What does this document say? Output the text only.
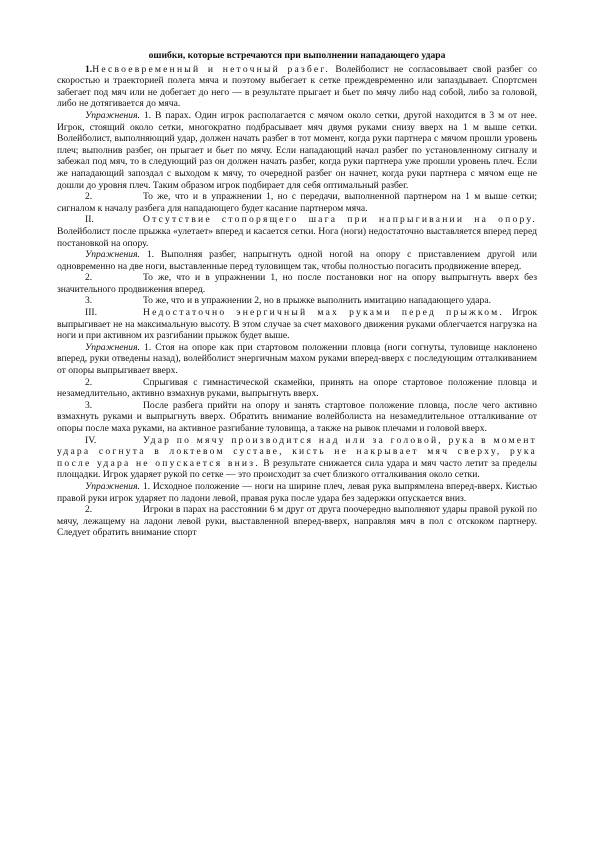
ошибки, которые встречаются при выполнении нападающего удара

1.Несвоевременный и неточный разбег. Волейболист не согласовывает свой разбег со скоростью и траекторией полета мяча и поэтому выбегает к сетке преждевременно или запаздывает. Спортсмен забегает под мяч или не добегает до него — в результате прыгает и бьет по мячу либо над собой, либо за головой, либо не дотягивается до мяча.

Упражнения. 1. В парах. Один игрок располагается с мячом около сетки, другой находится в 3 м от нее. Игрок, стоящий около сетки, многократно подбрасывает мяч двумя руками снизу вверх на 1 м выше сетки. Волейболист, выполняющий удар, должен начать разбег в тот момент, когда руки партнера с мячом прошли уровень плеч; выполнив разбег, он прыгает и бьет по мячу. Если нападающий начал разбег по установленному сигналу и забежал под мяч, то в следующий раз он должен начать разбег, когда руки партнера уже прошли уровень плеч. Если же нападающий запоздал с выходом к мячу, то очередной разбег он начнет, когда руки партнера с мячом еще не дошли до уровня плеч. Таким образом игрок подбирает для себя оптимальный разбег.

2.	То же, что и в упражнении 1, но с передачи, выполненной партнером на 1 м выше сетки; сигналом к началу разбега для нападающего будет касание партнером мяча.

II.	Отсутствие стопорящего шага при напрыгивании на опору. Волейболист после прыжка «улетает» вперед и касается сетки. Нога (ноги) недостаточно выставляется вперед перед постановкой на опору.

Упражнения. 1. Выполняя разбег, напрыгнуть одной ногой на опору с приставлением другой или одновременно на две ноги, выставленные перед туловищем так, чтобы полностью погасить продвижение вперед.

2.	То же, что и в упражнении 1, но после постановки ног на опору выпрыгнуть вверх без значительного продвижения вперед.

3.	То же, что и в упражнении 2, но в прыжке выполнить имитацию нападающего удара.

III.	Недостаточно энергичный мах руками перед прыжком. Игрок выпрыгивает не на максимальную высоту. В этом случае за счет махового движения руками облегчается нагрузка на ноги и при активном их разгибании прыжок будет выше.

Упражнения. 1. Стоя на опоре как при стартовом положении пловца (ноги согнуты, туловище наклонено вперед, руки отведены назад), волейболист энергичным махом руками вперед-вверх с последующим отталкиванием от опоры выпрыгивает вверх.

2.	Спрыгивая с гимнастической скамейки, принять на опоре стартовое положение пловца и незамедлительно, активно взмахнув руками, выпрыгнуть вверх.

3.	После разбега прийти на опору и занять стартовое положение пловца, после чего активно взмахнуть руками и выпрыгнуть вверх. Обратить внимание волейболиста на незамедлительное отталкивание от опоры после маха руками, на активное разгибание туловища, а также на рывок плечами и головой вверх.

IV.	Удар по мячу производится над или за головой, рука в момент удара согнута в локтевом суставе, кисть не накрывает мяч сверху, рука после удара не опускается вниз. В результате снижается сила удара и мяч часто летит за пределы площадки. Игрок ударяет рукой по сетке — это происходит за счет близкого отталкивания около сетки.

Упражнения. 1. Исходное положение — ноги на ширине плеч, левая рука выпрямлена вперед-вверх. Кистью правой руки игрок ударяет по ладони левой, правая рука после удара без задержки опускается вниз.

2.	Игроки в парах на расстоянии 6 м друг от друга поочередно выполняют удары правой рукой по мячу, лежащему на ладони левой руки, выставленной вперед-вверх, направляя мяч в пол с отскоком партнеру. Следует обратить внимание спорт
